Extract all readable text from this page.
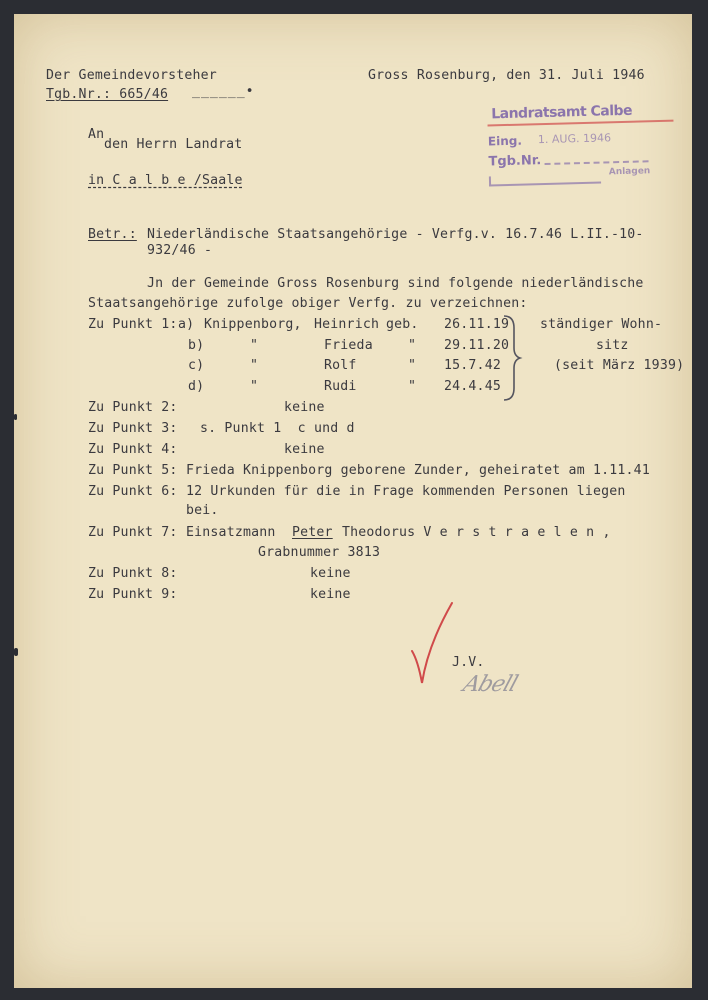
Der Gemeindevorsteher
Tgb.Nr.: 665/46 ______•
Gross Rosenburg, den 31. Juli 1946
Landratsamt Calbe
Eing. 1. AUG. 1946
Tgb.Nr.
Anlagen
An
den Herrn Landrat
in C a l b e /Saale
Betr.: Niederländische Staatsangehörige - Verfg.v. 16.7.46 L.II.-10-
932/46 -
Jn der Gemeinde Gross Rosenburg sind folgende niederländische
Staatsangehörige zufolge obiger Verfg. zu verzeichnen:
Zu Punkt 1: a) Knippenborg, Heinrich geb. 26.11.19
b)	"	Frieda	" 29.11.20
c)	"	Rolf	" 15.7.42
d)	"	Rudi	" 24.4.45
ständiger Wohn-
sitz
(seit März 1939)
Zu Punkt 2:	keine
Zu Punkt 3: s. Punkt 1  c und d
Zu Punkt 4:	keine
Zu Punkt 5: Frieda Knippenborg geborene Zunder, geheiratet am 1.11.41
Zu Punkt 6: 12 Urkunden für die in Frage kommenden Personen liegen
bei.
Zu Punkt 7: Einsatzmann Peter Theodorus V e r s t r a e l e n ,
Grabnummer 3813
Zu Punkt 8:	keine
Zu Punkt 9:	keine
J.V.
Abell
